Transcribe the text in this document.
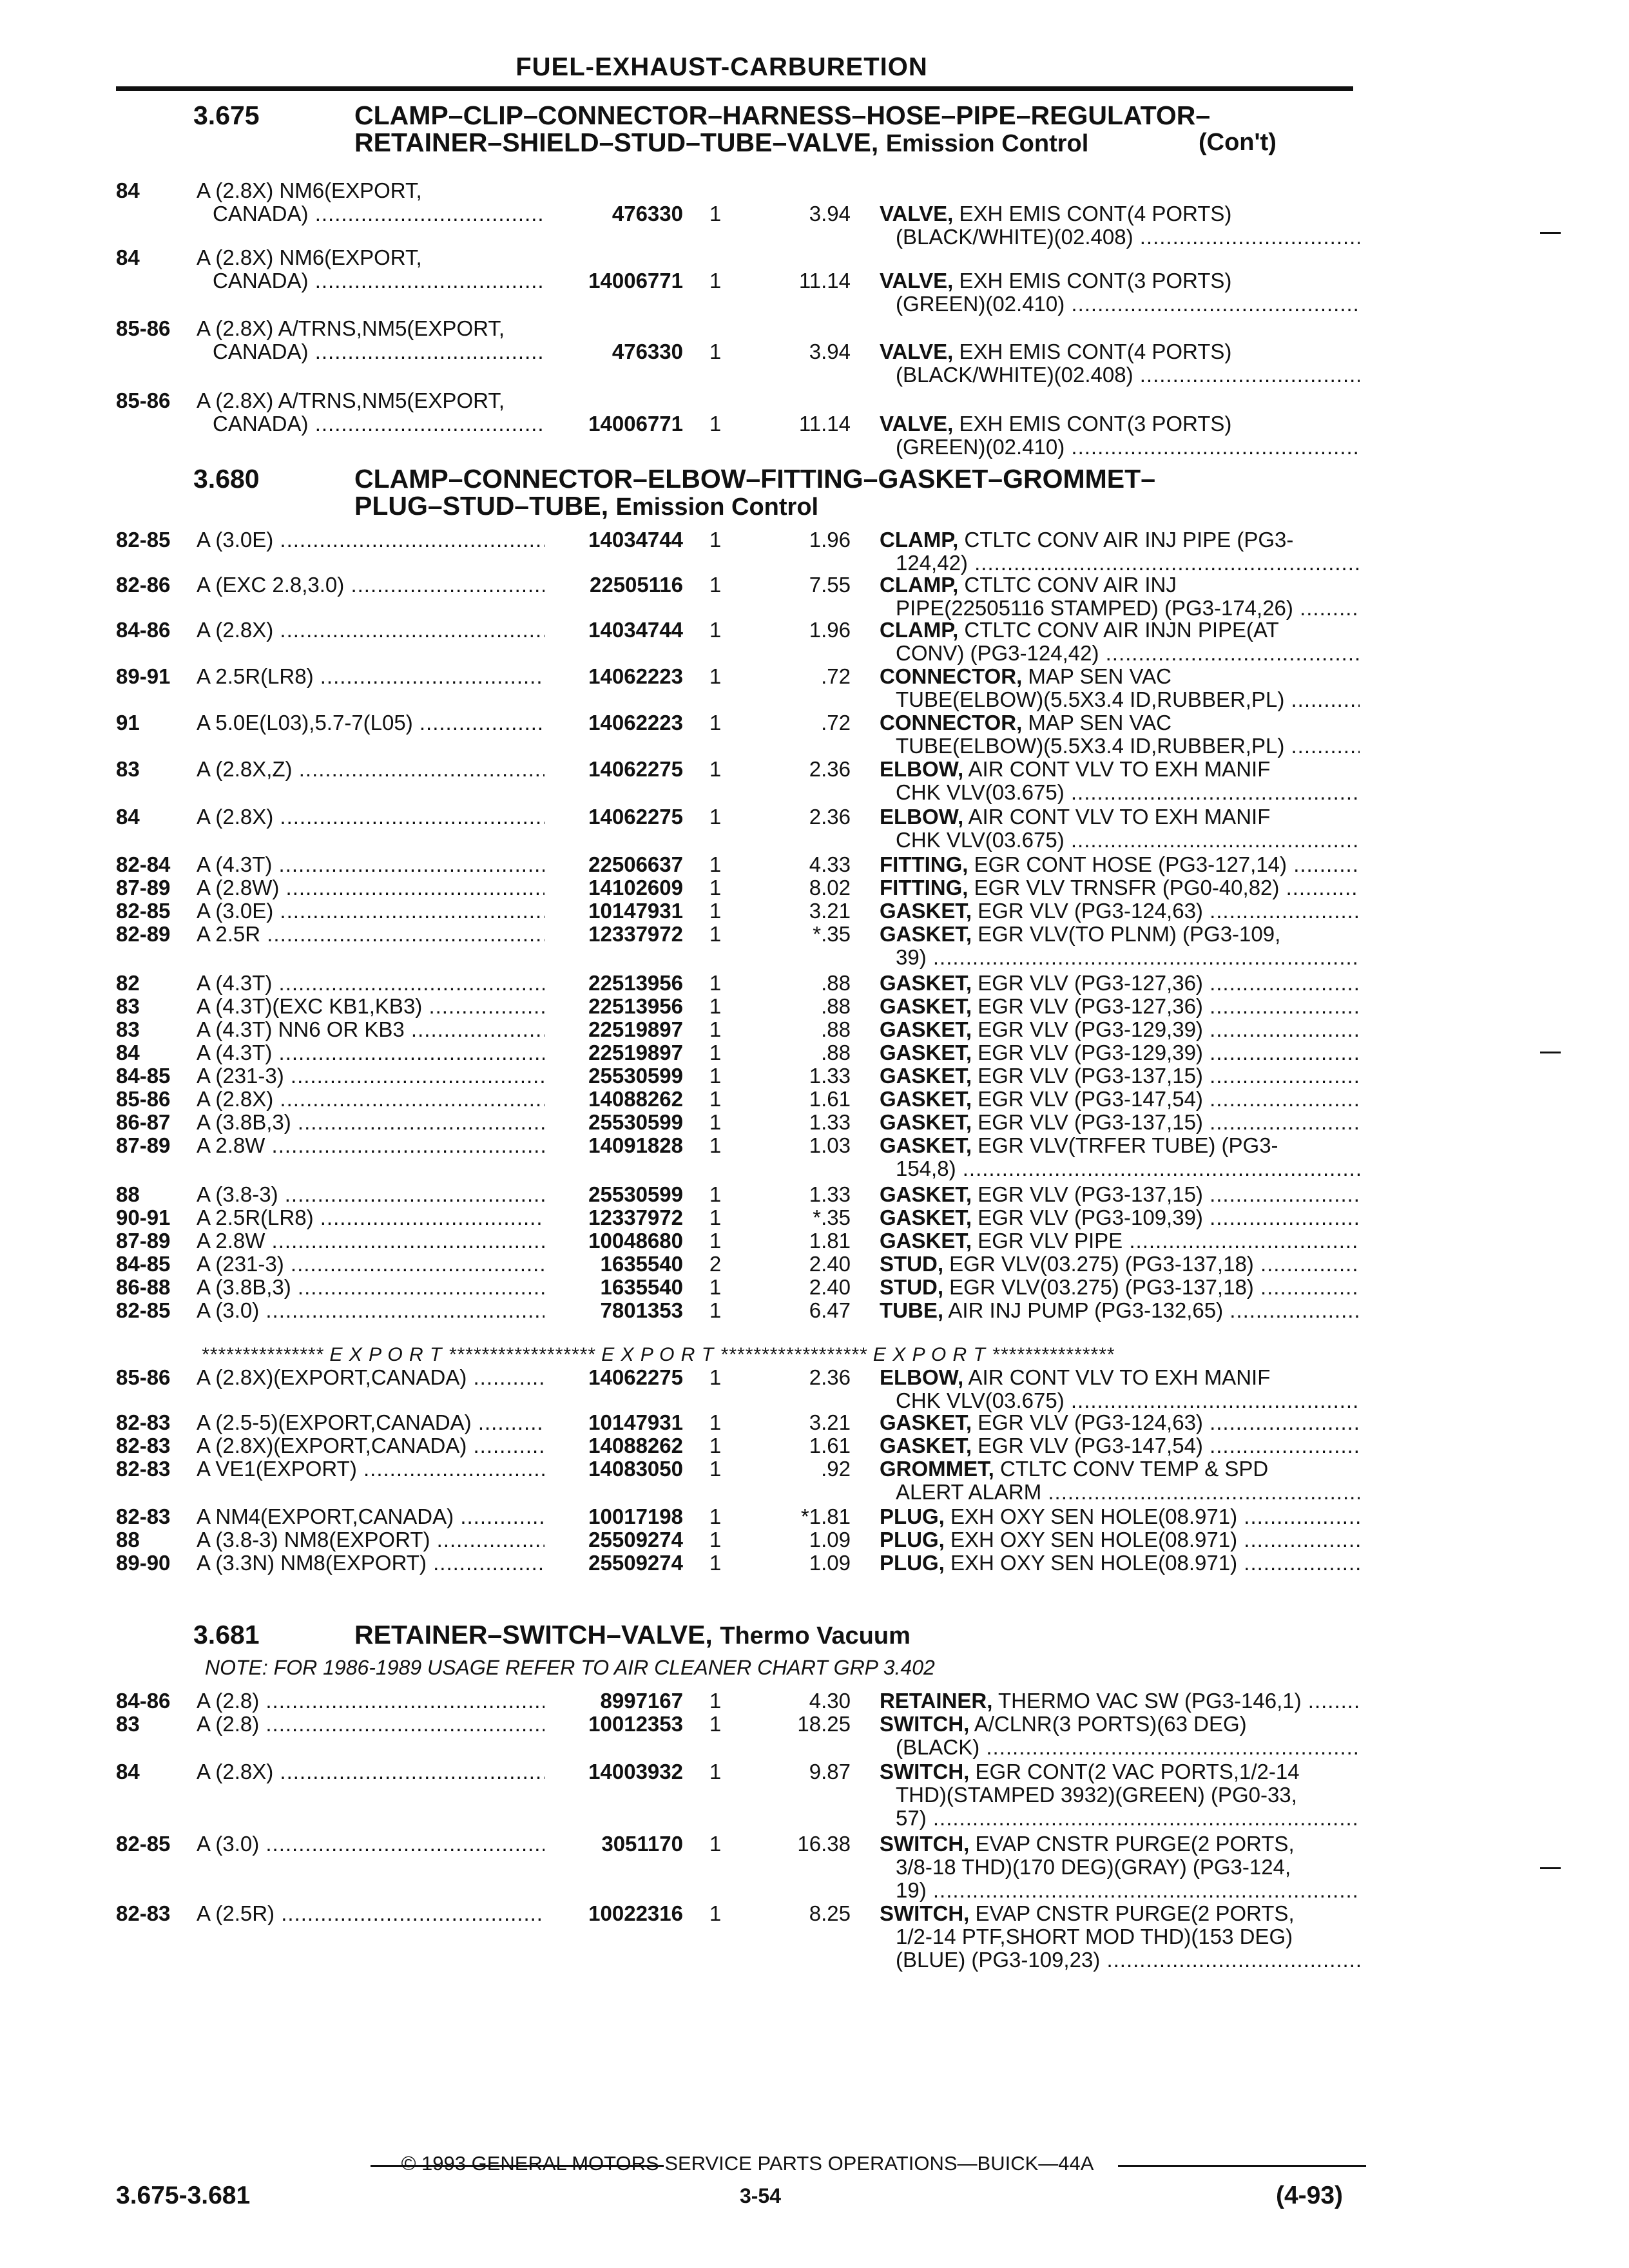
FUEL-EXHAUST-CARBURETION
3.675	CLAMP–CLIP–CONNECTOR–HARNESS–HOSE–PIPE–REGULATOR–
RETAINER–SHIELD–STUD–TUBE–VALVE, Emission Control	(Con't)
3.680	CLAMP–CONNECTOR–ELBOW–FITTING–GASKET–GROMMET–
PLUG–STUD–TUBE, Emission Control
3.681	RETAINER–SWITCH–VALVE, Thermo Vacuum
NOTE: FOR 1986-1989 USAGE REFER TO AIR CLEANER CHART GRP 3.402
*************** E X P O R T ****************** E X P O R T ****************** E X P O R T ***************
84	A (2.8X) NM6(EXPORT,
CANADA) .....	476330 1	3.94 VALVE, EXH EMIS CONT(4 PORTS)
(BLACK/WHITE)(02.408) .....
84	A (2.8X) NM6(EXPORT,
CANADA) .....	14006771 1	11.14 VALVE, EXH EMIS CONT(3 PORTS)
(GREEN)(02.410) .....
85-86 A (2.8X) A/TRNS,NM5(EXPORT,
CANADA) .....	476330 1	3.94 VALVE, EXH EMIS CONT(4 PORTS)
(BLACK/WHITE)(02.408) .....
85-86 A (2.8X) A/TRNS,NM5(EXPORT,
CANADA) .....	14006771 1	11.14 VALVE, EXH EMIS CONT(3 PORTS)
(GREEN)(02.410) .....
82-85 A (3.0E) .....	14034744 1	1.96 CLAMP, CTLTC CONV AIR INJ PIPE (PG3-
124,42) .....
82-86 A (EXC 2.8,3.0) .....	22505116 1	7.55 CLAMP, CTLTC CONV AIR INJ
PIPE(22505116 STAMPED) (PG3-174,26) .....
84-86 A (2.8X) .....	14034744 1	1.96 CLAMP, CTLTC CONV AIR INJN PIPE(AT
CONV) (PG3-124,42) .....
89-91 A 2.5R(LR8) .....	14062223 1	.72 CONNECTOR, MAP SEN VAC
TUBE(ELBOW)(5.5X3.4 ID,RUBBER,PL) .....
91	A 5.0E(L03),5.7-7(L05) .....	14062223 1	.72 CONNECTOR, MAP SEN VAC
TUBE(ELBOW)(5.5X3.4 ID,RUBBER,PL) .....
83	A (2.8X,Z) .....	14062275 1	2.36 ELBOW, AIR CONT VLV TO EXH MANIF
CHK VLV(03.675) .....
84	A (2.8X) .....	14062275 1	2.36 ELBOW, AIR CONT VLV TO EXH MANIF
CHK VLV(03.675) .....
82-84 A (4.3T) .....	22506637 1	4.33 FITTING, EGR CONT HOSE (PG3-127,14) .....
87-89 A (2.8W) .....	14102609 1	8.02 FITTING, EGR VLV TRNSFR (PG0-40,82) .....
82-85 A (3.0E) .....	10147931 1	3.21 GASKET, EGR VLV (PG3-124,63) .....
82-89 A 2.5R .....	12337972 1	*.35 GASKET, EGR VLV(TO PLNM) (PG3-109,
39) .....
82	A (4.3T) .....	22513956 1	.88 GASKET, EGR VLV (PG3-127,36) .....
83	A (4.3T)(EXC KB1,KB3) .....	22513956 1	.88 GASKET, EGR VLV (PG3-127,36) .....
83	A (4.3T) NN6 OR KB3 .....	22519897 1	.88 GASKET, EGR VLV (PG3-129,39) .....
84	A (4.3T) .....	22519897 1	.88 GASKET, EGR VLV (PG3-129,39) .....
84-85 A (231-3) .....	25530599 1	1.33 GASKET, EGR VLV (PG3-137,15) .....
85-86 A (2.8X) .....	14088262 1	1.61 GASKET, EGR VLV (PG3-147,54) .....
86-87 A (3.8B,3) .....	25530599 1	1.33 GASKET, EGR VLV (PG3-137,15) .....
87-89 A 2.8W .....	14091828 1	1.03 GASKET, EGR VLV(TRFER TUBE) (PG3-
154,8) .....
88	A (3.8-3) .....	25530599 1	1.33 GASKET, EGR VLV (PG3-137,15) .....
90-91 A 2.5R(LR8) .....	12337972 1	*.35 GASKET, EGR VLV (PG3-109,39) .....
87-89 A 2.8W .....	10048680 1	1.81 GASKET, EGR VLV PIPE .....
84-85 A (231-3) .....	1635540 2	2.40 STUD, EGR VLV(03.275) (PG3-137,18) .....
86-88 A (3.8B,3) .....	1635540 1	2.40 STUD, EGR VLV(03.275) (PG3-137,18) .....
82-85 A (3.0) .....	7801353 1	6.47 TUBE, AIR INJ PUMP (PG3-132,65) .....
85-86 A (2.8X)(EXPORT,CANADA) .....	14062275 1	2.36 ELBOW, AIR CONT VLV TO EXH MANIF
CHK VLV(03.675) .....
82-83 A (2.5-5)(EXPORT,CANADA) .....	10147931 1	3.21 GASKET, EGR VLV (PG3-124,63) .....
82-83 A (2.8X)(EXPORT,CANADA) .....	14088262 1	1.61 GASKET, EGR VLV (PG3-147,54) .....
82-83 A VE1(EXPORT) .....	14083050 1	.92 GROMMET, CTLTC CONV TEMP & SPD
ALERT ALARM .....
82-83 A NM4(EXPORT,CANADA) .....	10017198 1	*1.81 PLUG, EXH OXY SEN HOLE(08.971) .....
88	A (3.8-3) NM8(EXPORT) .....	25509274 1	1.09 PLUG, EXH OXY SEN HOLE(08.971) .....
89-90 A (3.3N) NM8(EXPORT) .....	25509274 1	1.09 PLUG, EXH OXY SEN HOLE(08.971) .....
84-86 A (2.8) .....	8997167 1	4.30 RETAINER, THERMO VAC SW (PG3-146,1) .....
83	A (2.8) .....	10012353 1	18.25 SWITCH, A/CLNR(3 PORTS)(63 DEG)
(BLACK) .....
84	A (2.8X) .....	14003932 1	9.87 SWITCH, EGR CONT(2 VAC PORTS,1/2-14
THD)(STAMPED 3932)(GREEN) (PG0-33,
57) .....
82-85 A (3.0) .....	3051170 1	16.38 SWITCH, EVAP CNSTR PURGE(2 PORTS,
3/8-18 THD)(170 DEG)(GRAY) (PG3-124,
19) .....
82-83 A (2.5R) .....	10022316 1	8.25 SWITCH, EVAP CNSTR PURGE(2 PORTS,
1/2-14 PTF,SHORT MOD THD)(153 DEG)
(BLUE) (PG3-109,23) .....
© 1993 GENERAL MOTORS SERVICE PARTS OPERATIONS—BUICK—44A
3.675-3.681	3-54	(4-93)
